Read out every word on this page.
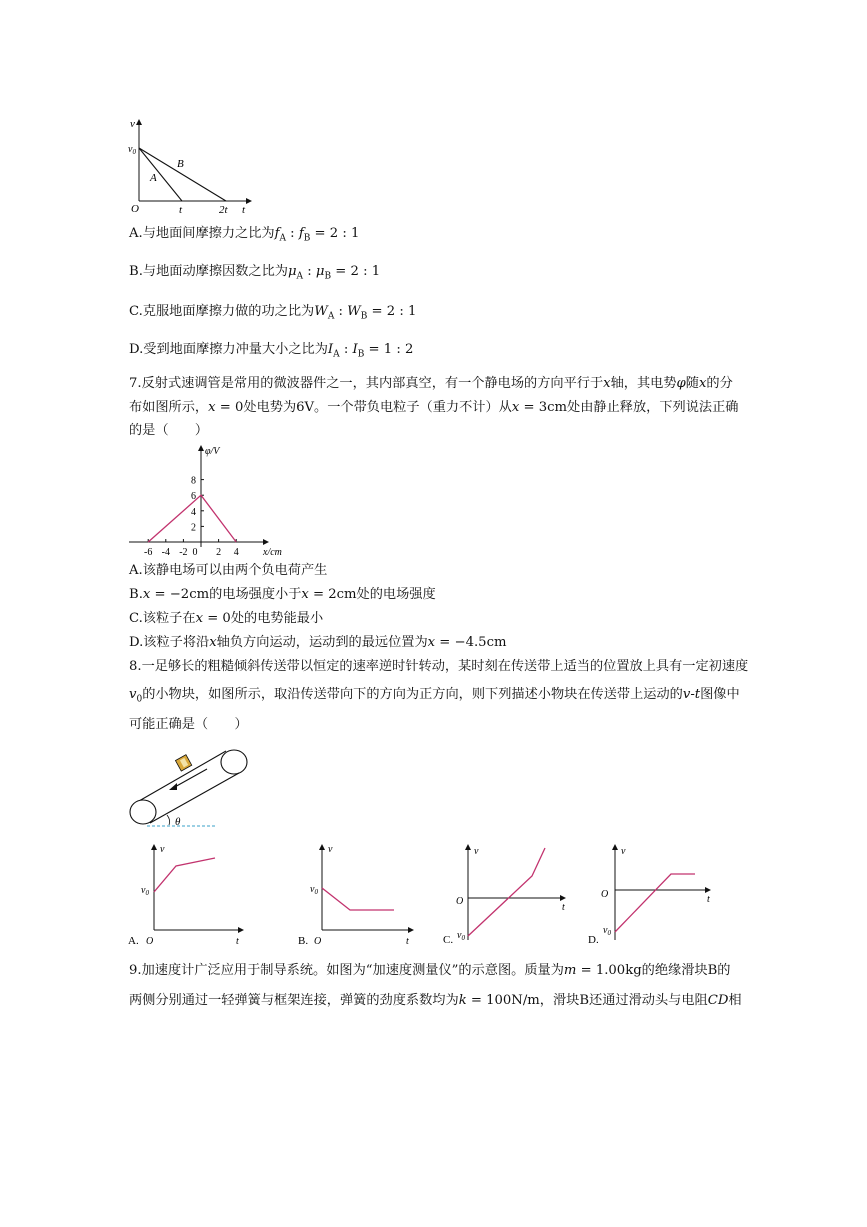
v
t
O
$v_0$
A
B
t	2t
A.与地面间摩擦力之比为$f_A$ : $f_B = 2$ : 1
B.与地面动摩擦因数之比为$\mu_A$ : $\mu_B = 2$ : 1
C.克服地面摩擦力做的功之比为$W_A$ : $W_B = 2$ : 1
D.受到地面摩擦力冲量大小之比为$I_A$ : $I_B = 1$ : 2
7.反射式速调管是常用的微波器件之一，其内部真空，有一个静电场的方向平行于x轴，其电势φ随x的分
布如图所示，x = 0处电势为6V。一个带负电粒子（重力不计）从x = 3cm处由静止释放，下列说法正确
的是（　　）
-6 -4 -2	2 4
2
4
6
8
0	x/cm
φ/V
A.该静电场可以由两个负电荷产生
B.x = −2cm的电场强度小于x = 2cm处的电场强度
C.该粒子在x = 0处的电势能最小
D.该粒子将沿x轴负方向运动，运动到的最远位置为x = −4.5cm
8.一足够长的粗糙倾斜传送带以恒定的速率逆时针转动，某时刻在传送带上适当的位置放上具有一定初速度
$v_0$的小物块，如图所示，取沿传送带向下的方向为正方向，则下列描述小物块在传送带上运动的v-t图像中
可能正确是（　　）
θ
v
t
O
$v_0$
A.
v
t
O
$v_0$
B.
v
t
O
$v_0$
C.
v
t
O
$v_0$
D.
9.加速度计广泛应用于制导系统。如图为“加速度测量仪”的示意图。质量为m = 1.00kg的绝缘滑块B的
两侧分别通过一轻弹簧与框架连接，弹簧的劲度系数均为k = 100N/m，滑块B还通过滑动头与电阻CD相
